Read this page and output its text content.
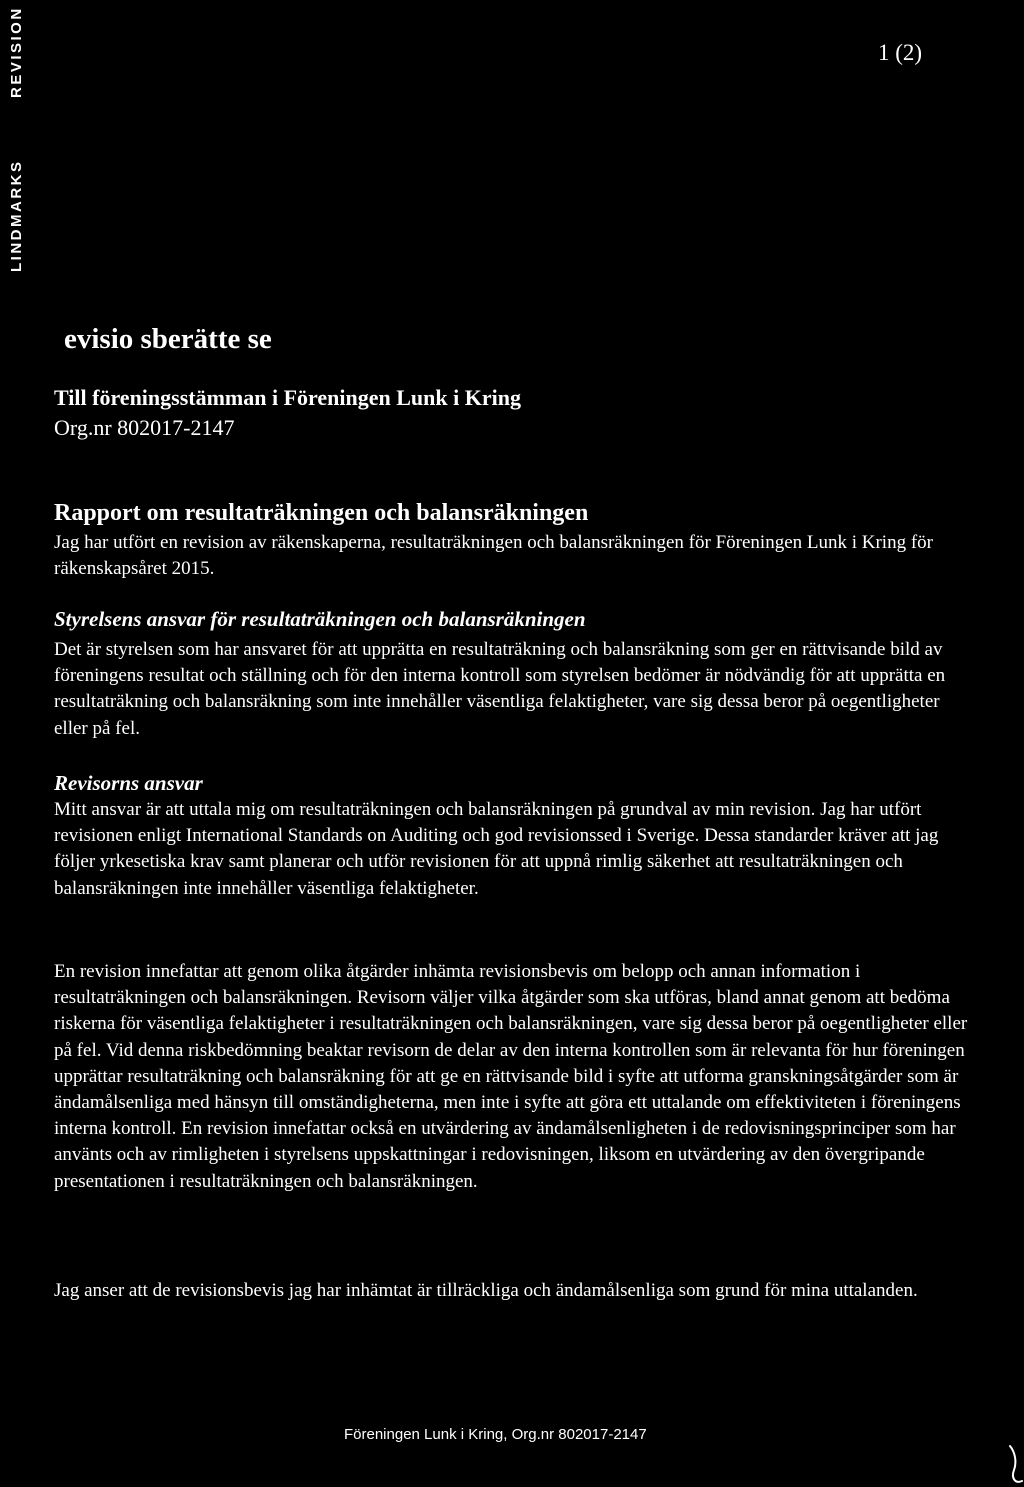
LINDMARKS
REVISION	1 (2)
evisio sberätte se
Till föreningsstämman i Föreningen Lunk i Kring
Org.nr 802017-2147
Rapport om resultaträkningen och balansräkningen

Jag har utfört en revision av räkenskaperna, resultaträkningen och balansräkningen för Föreningen Lunk i Kring för räkenskapsåret 2015.

Styrelsens ansvar för resultaträkningen och balansräkningen

Det är styrelsen som har ansvaret för att upprätta en resultaträkning och balansräkning som ger en rättvisande bild av föreningens resultat och ställning och för den interna kontroll som styrelsen bedömer är nödvändig för att upprätta en resultaträkning och balansräkning som inte innehåller väsentliga felaktigheter, vare sig dessa beror på oegentligheter eller på fel.

Revisorns ansvar

Mitt ansvar är att uttala mig om resultaträkningen och balansräkningen på grundval av min revision. Jag har utfört revisionen enligt International Standards on Auditing och god revisionssed i Sverige. Dessa standarder kräver att jag följer yrkesetiska krav samt planerar och utför revisionen för att uppnå rimlig säkerhet att resultaträkningen och balansräkningen inte innehåller väsentliga felaktigheter.

En revision innefattar att genom olika åtgärder inhämta revisionsbevis om belopp och annan information i resultaträkningen och balansräkningen. Revisorn väljer vilka åtgärder som ska utföras, bland annat genom att bedöma riskerna för väsentliga felaktigheter i resultaträkningen och balansräkningen, vare sig dessa beror på oegentligheter eller på fel. Vid denna riskbedömning beaktar revisorn de delar av den interna kontrollen som är relevanta för hur föreningen upprättar resultaträkning och balansräkning för att ge en rättvisande bild i syfte att utforma granskningsåtgärder som är ändamålsenliga med hänsyn till omständigheterna, men inte i syfte att göra ett uttalande om effektiviteten i föreningens interna kontroll. En revision innefattar också en utvärdering av ändamålsenligheten i de redovisningsprinciper som har använts och av rimligheten i styrelsens uppskattningar i redovisningen, liksom en utvärdering av den övergripande presentationen i resultaträkningen och balansräkningen.

Jag anser att de revisionsbevis jag har inhämtat är tillräckliga och ändamålsenliga som grund för mina uttalanden.

Föreningen Lunk i Kring, Org.nr 802017-2147
